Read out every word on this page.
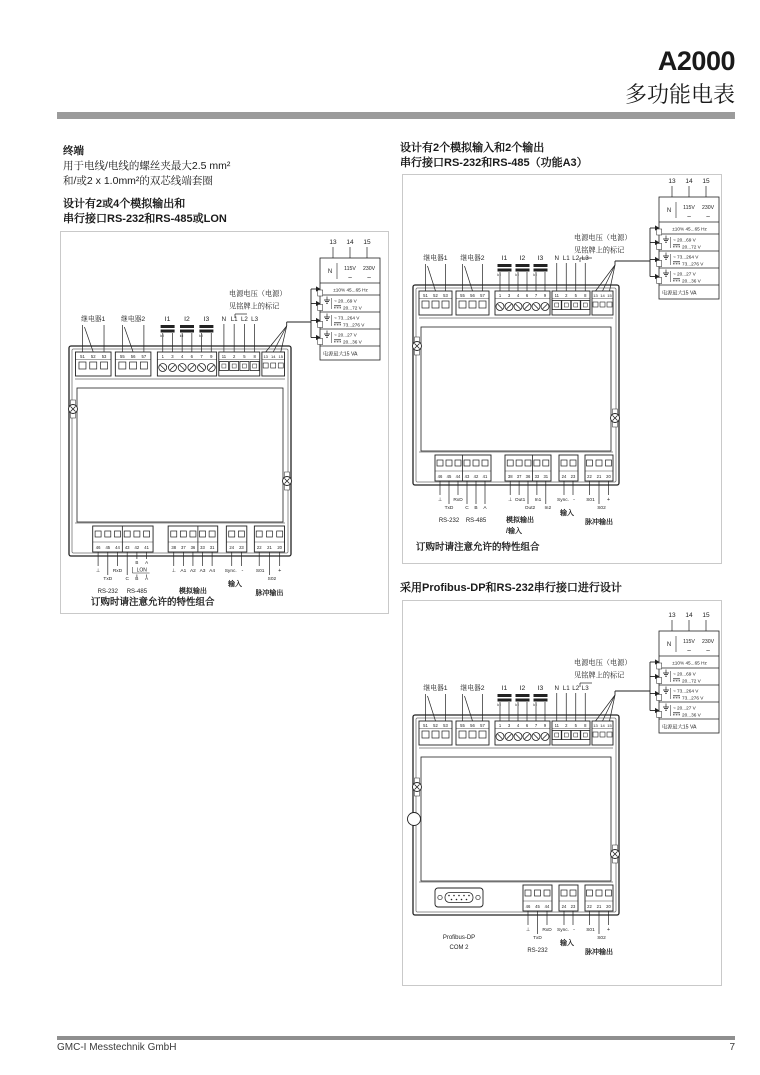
A2000
多功能电表
终端
用于电线/电线的螺丝夹最大2.5 mm²
和/或2 x 1.0mm²的双芯线端套圈
设计有2或4个模拟输出和
串行接口RS-232和RS-485或LON
51 52 53
继电器1
55 56 57
继电器2
1 3
I1
k l
4 6
I2
k l
7 9
I3
k l
11
N
2
L1
5
L2
8
L3
13 14 15
电源电压（电源）
见铭牌上的标记
13 14 15
N 115V 230V
~ ~
±10% 45...65 Hz
~ 20...69 V
20...72 V
~ 73...264 V
73...276 V
~ 20...27 V
20...36 V
电源最大15 VA
46 45 44 43 42 41
⊥	RxD
TxD	C B A
B A
LON
RS-232 RS-485
38 37 36 33 31
⊥ A1 A2 A3 A4
模拟输出
24 23
Sync. -
输入
22 21 20
S01
S02
+
脉冲输出
订购时请注意允许的特性组合
设计有2个模拟输入和2个输出
串行接口RS-232和RS-485（功能A3）
51 52 53
继电器1
55 56 57
继电器2
1 3
I1
k l
4 6
I2
k l
7 9
I3
k l
11
N
2
L1
5
L2
8
L3
13 14 15
电源电压（电源）
见铭牌上的标记
13 14 15
N 115V 230V
~ ~
±10% 45...65 Hz
~ 20...69 V
20...72 V
~ 73...264 V
73...276 V
~ 20...27 V
20...36 V
电源最大15 VA
46 45 44 43 42 41
⊥ RxD
TxD C B A
RS-232 RS-485
38 37 36 33 31
⊥ Out1
Out2
In1
In2
模拟输出
/输入
24 23
Sync. -
输入
22 21 20
S01
S02
+
脉冲输出
订购时请注意允许的特性组合
采用Profibus-DP和RS-232串行接口进行设计
51 52 53
继电器1
55 56 57
继电器2
1 3
I1
k l
4 6
I2
k l
7 9
I3
k l
11
N
2
L1
5
L2
8
L3
13 14 15
电源电压（电源）
见铭牌上的标记
13 14 15
N 115V 230V
~ ~
±10% 45...65 Hz
~ 20...69 V
20...72 V
~ 73...264 V
73...276 V
~ 20...27 V
20...36 V
电源最大15 VA
Profibus-DP
COM 2
46 45 44
⊥	RxD
TxD
RS-232
24 23
Sync. -
输入
22 21 20
S01
S02
+
脉冲输出
GMC-I Messtechnik GmbH	7
